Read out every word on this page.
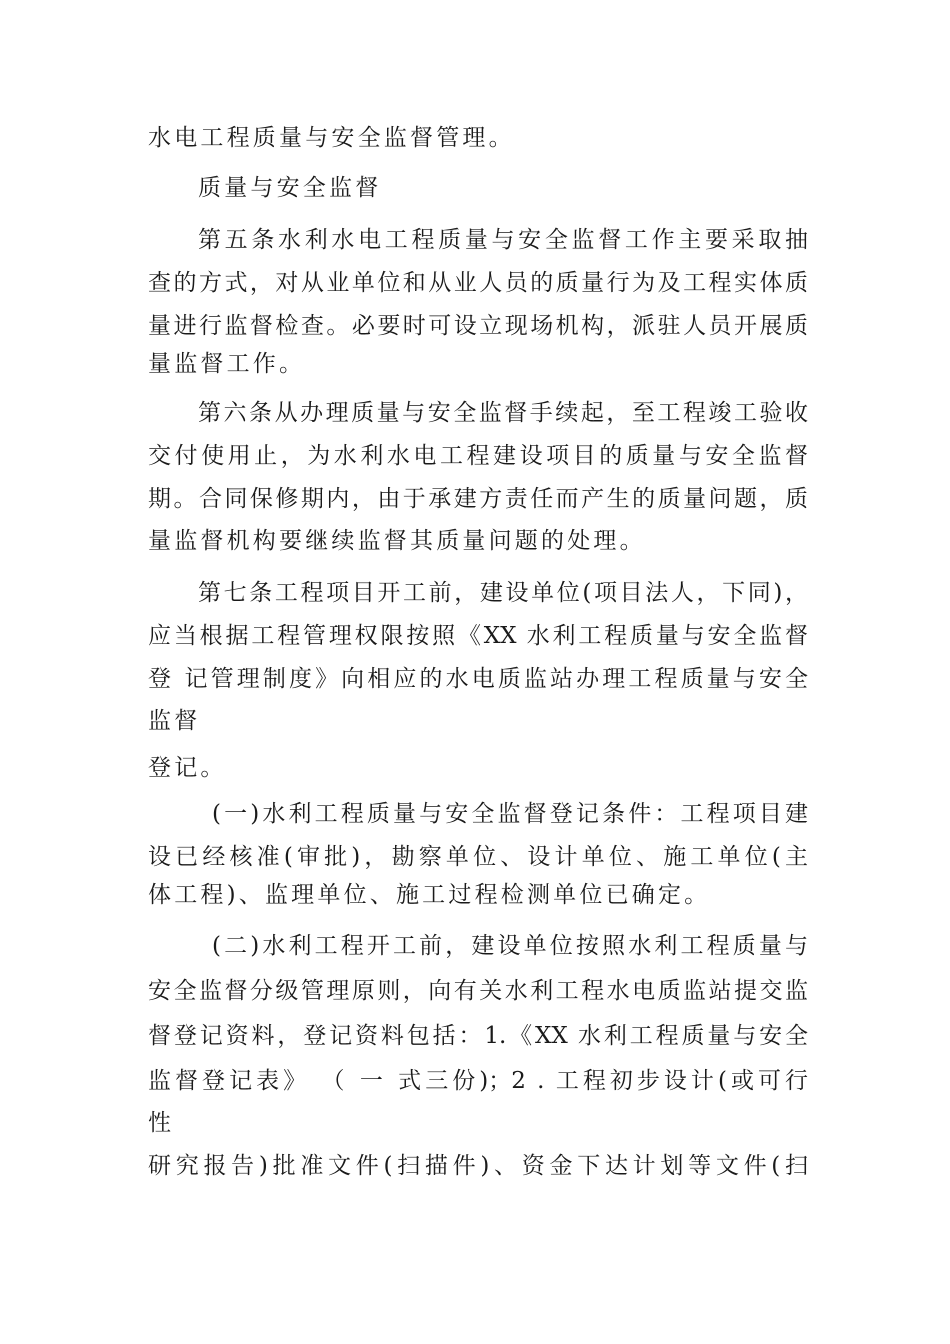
水电工程质量与安全监督管理。
质量与安全监督
第五条水利水电工程质量与安全监督工作主要采取抽
查的方式，对从业单位和从业人员的质量行为及工程实体质
量进行监督检查。必要时可设立现场机构，派驻人员开展质
量监督工作。
第六条从办理质量与安全监督手续起，至工程竣工验收
交付使用止，为水利水电工程建设项目的质量与安全监督
期。合同保修期内，由于承建方责任而产生的质量问题，质
量监督机构要继续监督其质量问题的处理。
第七条工程项目开工前，建设单位(项目法人，下同)，
应当根据工程管理权限按照《XX 水利工程质量与安全监督
登 记管理制度》向相应的水电质监站办理工程质量与安全
监督
登记。
(一)水利工程质量与安全监督登记条件：工程项目建
设已经核准(审批)，勘察单位、设计单位、施工单位(主
体工程)、监理单位、施工过程检测单位已确定。
(二)水利工程开工前，建设单位按照水利工程质量与
安全监督分级管理原则，向有关水利工程水电质监站提交监
督登记资料，登记资料包括：1.《XX 水利工程质量与安全
监督登记表》 （ 一 式三份)；2 . 工程初步设计(或可行
性
研究报告)批准文件(扫描件)、资金下达计划等文件(扫
